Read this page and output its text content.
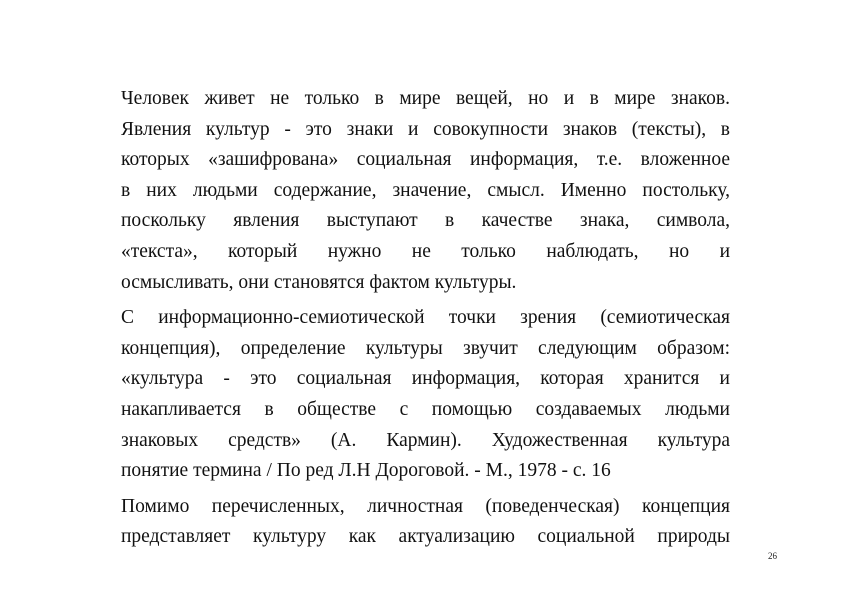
Человек живет не только в мире вещей, но и в мире знаков.
Явления культур - это знаки и совокупности знаков (тексты), в
которых «зашифрована» социальная информация, т.е. вложенное
в них людьми содержание, значение, смысл. Именно постольку,
поскольку явления выступают в качестве знака, символа,
«текста», который нужно не только наблюдать, но и
осмысливать, они становятся фактом культуры.

С информационно-семиотической точки зрения (семиотическая
концепция), определение культуры звучит следующим образом:
«культура - это социальная информация, которая хранится и
накапливается в обществе с помощью создаваемых людьми
знаковых средств» (А. Кармин). Художественная культура
понятие термина / По ред Л.Н Дороговой. - М., 1978 - с. 16

Помимо перечисленных, личностная (поведенческая) концепция
представляет культуру как актуализацию социальной природы

26
